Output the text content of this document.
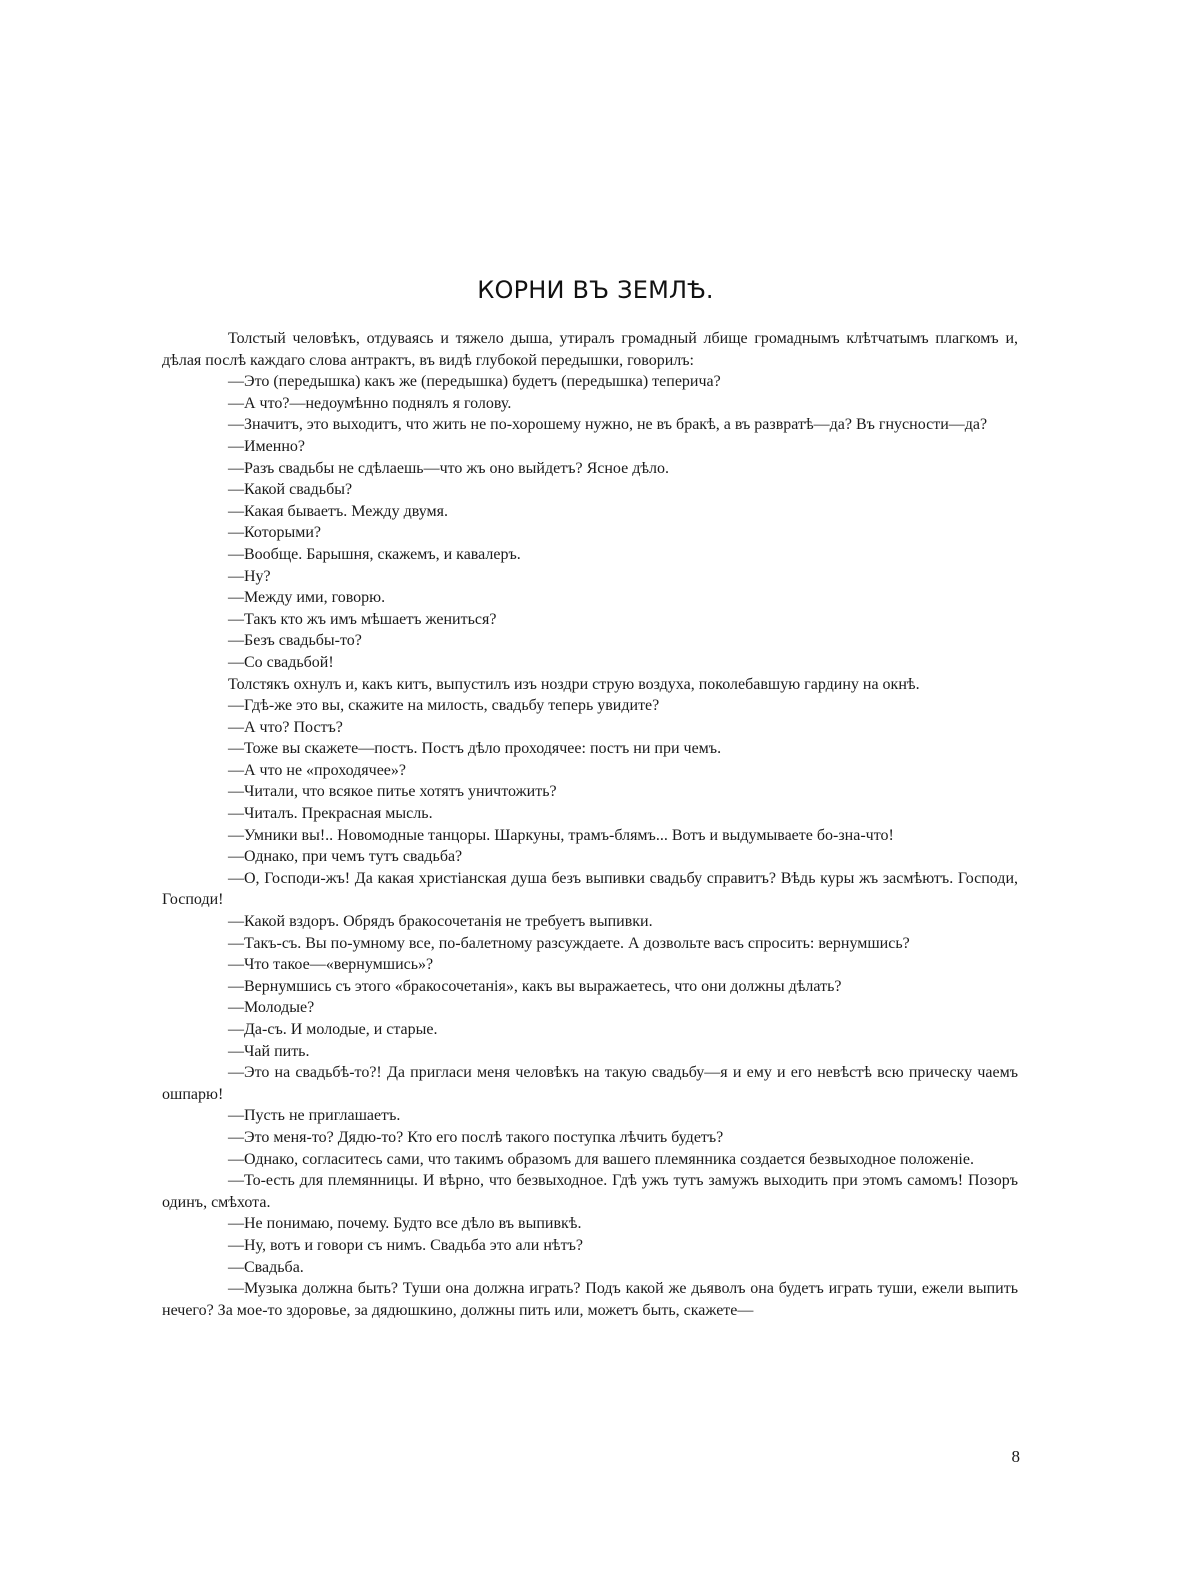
КОРНИ ВЪ ЗЕМЛѢ.

Толстый человѣкъ, отдуваясь и тяжело дыша, утиралъ громадный лбище громаднымъ клѣтчатымъ плагкомъ и, дѣлая послѣ каждаго слова антрактъ, въ видѣ глубокой передышки, говорилъ:

—Это (передышка) какъ же (передышка) будетъ (передышка) теперича?

—А что?—недоумѣнно поднялъ я голову.

—Значитъ, это выходитъ, что жить не по-хорошему нужно, не въ бракѣ, а въ развратѣ—да? Въ гнусности—да?

—Именно?

—Разъ свадьбы не сдѣлаешь—что жъ оно выйдетъ? Ясное дѣло.

—Какой свадьбы?

—Какая бываетъ. Между двумя.

—Которыми?

—Вообще. Барышня, скажемъ, и кавалеръ.

—Ну?

—Между ими, говорю.

—Такъ кто жъ имъ мѣшаетъ жениться?

—Безъ свадьбы-то?

—Со свадьбой!

Толстякъ охнулъ и, какъ китъ, выпустилъ изъ ноздри струю воздуха, поколебавшую гардину на окнѣ.

—Гдѣ-же это вы, скажите на милость, свадьбу теперь увидите?

—А что? Постъ?

—Тоже вы скажете—постъ. Постъ дѣло проходячее: постъ ни при чемъ.

—А что не «проходячее»?

—Читали, что всякое питье хотятъ уничтожить?

—Читалъ. Прекрасная мысль.

—Умники вы!.. Новомодные танцоры. Шаркуны, трамъ-блямъ... Вотъ и выдумываете бо-зна-что!

—Однако, при чемъ тутъ свадьба?

—О, Господи-жъ! Да какая христiанская душа безъ выпивки свадьбу справитъ? Вѣдь куры жъ засмѣютъ. Господи, Господи!

—Какой вздоръ. Обрядъ бракосочетанiя не требуетъ выпивки.

—Такъ-съ. Вы по-умному все, по-балетному разсуждаете. А дозвольте васъ спросить: вернумшись?

—Что такое—«вернумшись»?

—Вернумшись съ этого «бракосочетанiя», какъ вы выражаетесь, что они должны дѣлать?

—Молодые?

—Да-съ. И молодые, и старые.

—Чай пить.

—Это на свадьбѣ-то?! Да пригласи меня человѣкъ на такую свадьбу—я и ему и его невѣстѣ всю прическу чаемъ ошпарю!

—Пусть не приглашаетъ.

—Это меня-то? Дядю-то? Кто его послѣ такого поступка лѣчить будетъ?

—Однако, согласитесь сами, что такимъ образомъ для вашего племянника создается безвыходное положенiе.

—То-есть для племянницы. И вѣрно, что безвыходное. Гдѣ ужъ тутъ замужъ выходить при этомъ самомъ! Позоръ одинъ, смѣхота.

—Не понимаю, почему. Будто все дѣло въ выпивкѣ.

—Ну, вотъ и говори съ нимъ. Свадьба это али нѣтъ?

—Свадьба.

—Музыка должна быть? Туши она должна играть? Подъ какой же дьяволъ она будетъ играть туши, ежели выпить нечего? За мое-то здоровье, за дядюшкино, должны пить или, можетъ быть, скажете—

8
